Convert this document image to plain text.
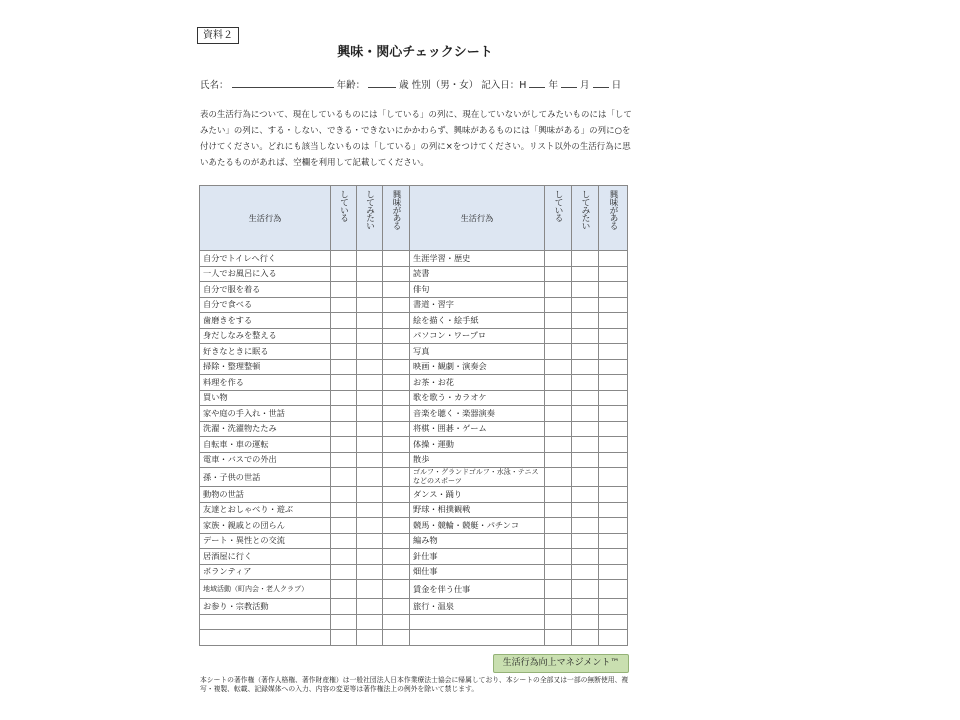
資料２
興味・関心チェックシート
氏名：	年齢：	歳 性別（男・女） 記入日：H 年 月 日
表の生活行為について、現在しているものには「している」の列に、現在していないがしてみたいものには「してみたい」の列に、する・しない、できる・できないにかかわらず、興味があるものには「興味がある」の列に○を付けてください。どれにも該当しないものは「している」の列に×をつけてください。リスト以外の生活行為に思いあたるものがあれば、空欄を利用して記載してください。
生活行為	している	してみたい	興味がある	生活行為	している	してみたい	興味がある
自分でトイレへ行く				生涯学習・歴史			
一人でお風呂に入る				読書			
自分で服を着る				俳句			
自分で食べる				書道・習字			
歯磨きをする				絵を描く・絵手紙			
身だしなみを整える				パソコン・ワープロ			
好きなときに眠る				写真			
掃除・整理整頓				映画・観劇・演奏会			
料理を作る				お茶・お花			
買い物				歌を歌う・カラオケ			
家や庭の手入れ・世話				音楽を聴く・楽器演奏			
洗濯・洗濯物たたみ				将棋・囲碁・ゲーム			
自転車・車の運転				体操・運動			
電車・バスでの外出				散歩			
孫・子供の世話				ゴルフ・グランドゴルフ・水泳・テニスなどのスポーツ			
動物の世話				ダンス・踊り			
友達とおしゃべり・遊ぶ				野球・相撲観戦			
家族・親戚との団らん				競馬・競輪・競艇・パチンコ			
デート・異性との交流				編み物			
居酒屋に行く				針仕事			
ボランティア				畑仕事			
地域活動（町内会・老人クラブ）				賃金を伴う仕事			
お参り・宗教活動				旅行・温泉			

生活行為向上マネジメント™
本シートの著作権（著作人格権、著作財産権）は一般社団法人日本作業療法士協会に帰属しており、本シートの全部又は一部の無断使用、複写・複製、転載、記録媒体への入力、内容の変更等は著作権法上の例外を除いて禁じます。
